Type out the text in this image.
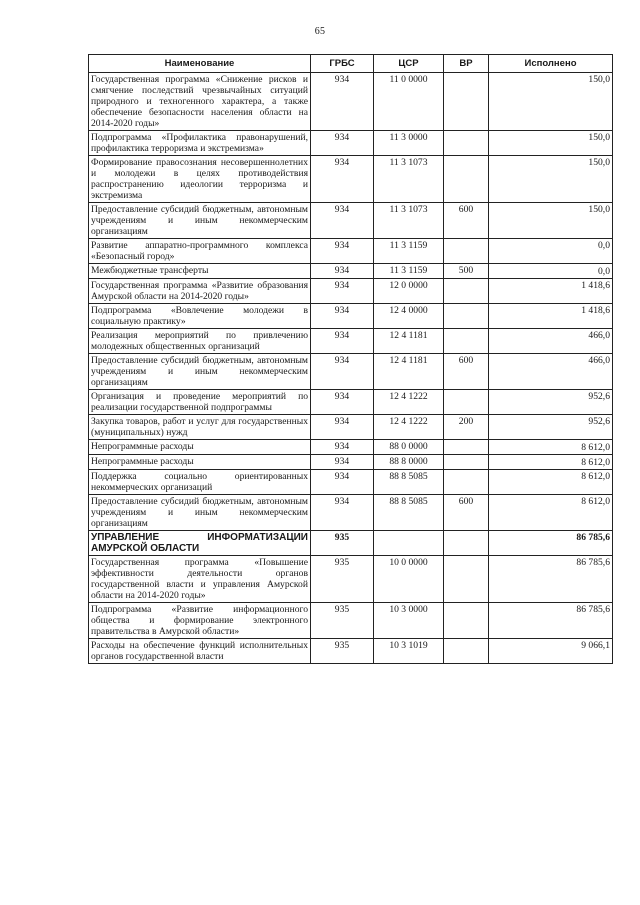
65
Наименование	ГРБС	ЦСР	ВР	Исполнено
Государственная программа «Снижение рисков и смягчение последствий чрезвычайных ситуаций природного и техногенного характера, а также обеспечение безопасности населения области на 2014-2020 годы»	934	11 0 0000		150,0
Подпрограмма «Профилактика правонарушений, профилактика терроризма и экстремизма»	934	11 3 0000		150,0
Формирование правосознания несовершеннолетних и молодежи в целях противодействия распространению идеологии терроризма и экстремизма	934	11 3 1073		150,0
Предоставление субсидий бюджетным, автономным учреждениям и иным некоммерческим организациям	934	11 3 1073	600	150,0
Развитие аппаратно-программного комплекса «Безопасный город»	934	11 3 1159		0,0
Межбюджетные трансферты	934	11 3 1159	500	0,0
Государственная программа «Развитие образования Амурской области на 2014-2020 годы»	934	12 0 0000		1 418,6
Подпрограмма «Вовлечение молодежи в социальную практику»	934	12 4 0000		1 418,6
Реализация мероприятий по привлечению молодежных общественных организаций	934	12 4 1181		466,0
Предоставление субсидий бюджетным, автономным учреждениям и иным некоммерческим организациям	934	12 4 1181	600	466,0
Организация и проведение мероприятий по реализации государственной подпрограммы	934	12 4 1222		952,6
Закупка товаров, работ и услуг для государственных (муниципальных) нужд	934	12 4 1222	200	952,6
Непрограммные расходы	934	88 0 0000		8 612,0
Непрограммные расходы	934	88 8 0000		8 612,0
Поддержка социально ориентированных некоммерческих организаций	934	88 8 5085		8 612,0
Предоставление субсидий бюджетным, автономным учреждениям и иным некоммерческим организациям	934	88 8 5085	600	8 612,0
УПРАВЛЕНИЕ ИНФОРМАТИЗАЦИИ АМУРСКОЙ ОБЛАСТИ	935			86 785,6
Государственная программа «Повышение эффективности деятельности органов государственной власти и управления Амурской области на 2014-2020 годы»	935	10 0 0000		86 785,6
Подпрограмма «Развитие информационного общества и формирование электронного правительства в Амурской области»	935	10 3 0000		86 785,6
Расходы на обеспечение функций исполнительных органов государственной власти	935	10 3 1019		9 066,1
